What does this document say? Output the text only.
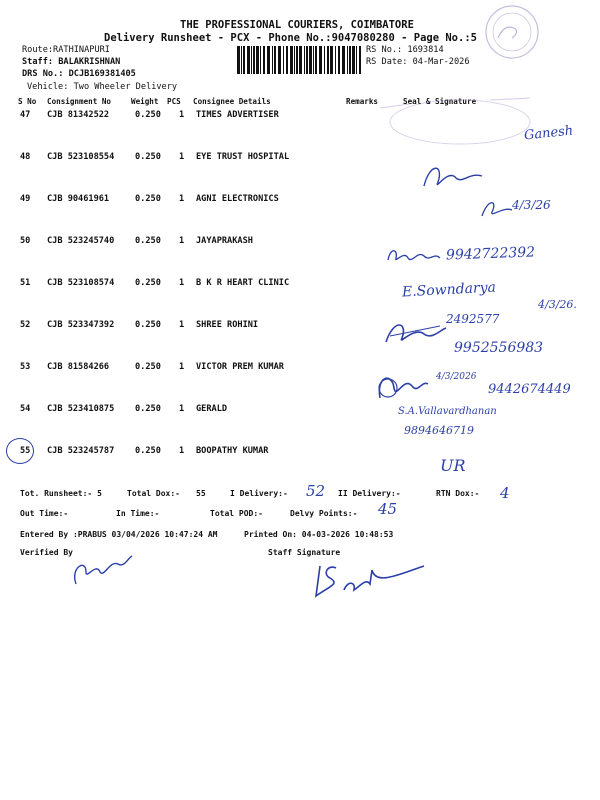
THE PROFESSIONAL COURIERS, COIMBATORE
Delivery Runsheet - PCX - Phone No.:9047080280 - Page No.:5
Route:RATHINAPURI
Staff: BALAKRISHNAN
DRS No.: DCJB169381405
Vehicle: Two Wheeler Delivery
RS No.: 1693814
RS Date: 04-Mar-2026
S No Consignment No	Weight PCS Consignee Details	Remarks	Seal & Signature
47 CJB 81342522	0.250 1 TIMES ADVERTISER
48 CJB 523108554 0.250 1 EYE TRUST HOSPITAL
49 CJB 90461961	0.250 1 AGNI ELECTRONICS
50 CJB 523245740 0.250 1 JAYAPRAKASH
51 CJB 523108574 0.250 1 B K R HEART CLINIC
52 CJB 523347392 0.250 1 SHREE ROHINI
53 CJB 81584266	0.250 1 VICTOR PREM KUMAR
54 CJB 523410875 0.250 1 GERALD
55 CJB 523245787 0.250 1 BOOPATHY KUMAR
Ganesh
4/3/26
9942722392
E.Sowndarya
4/3/26.
2492577
9952556983
4/3/2026
9442674449
S.A.Vallavardhanan
9894646719
UR
Tot. Runsheet:- 5	Total Dox:- 55	I Delivery:- 52 II Delivery:-	RTN Dox:- 4
Out Time:-	In Time:-	Total POD:-	Delvy Points:- 45
Entered By :PRABUS 03/04/2026 10:47:24 AM	Printed On: 04-03-2026 10:48:53
Verified By	Staff Signature
